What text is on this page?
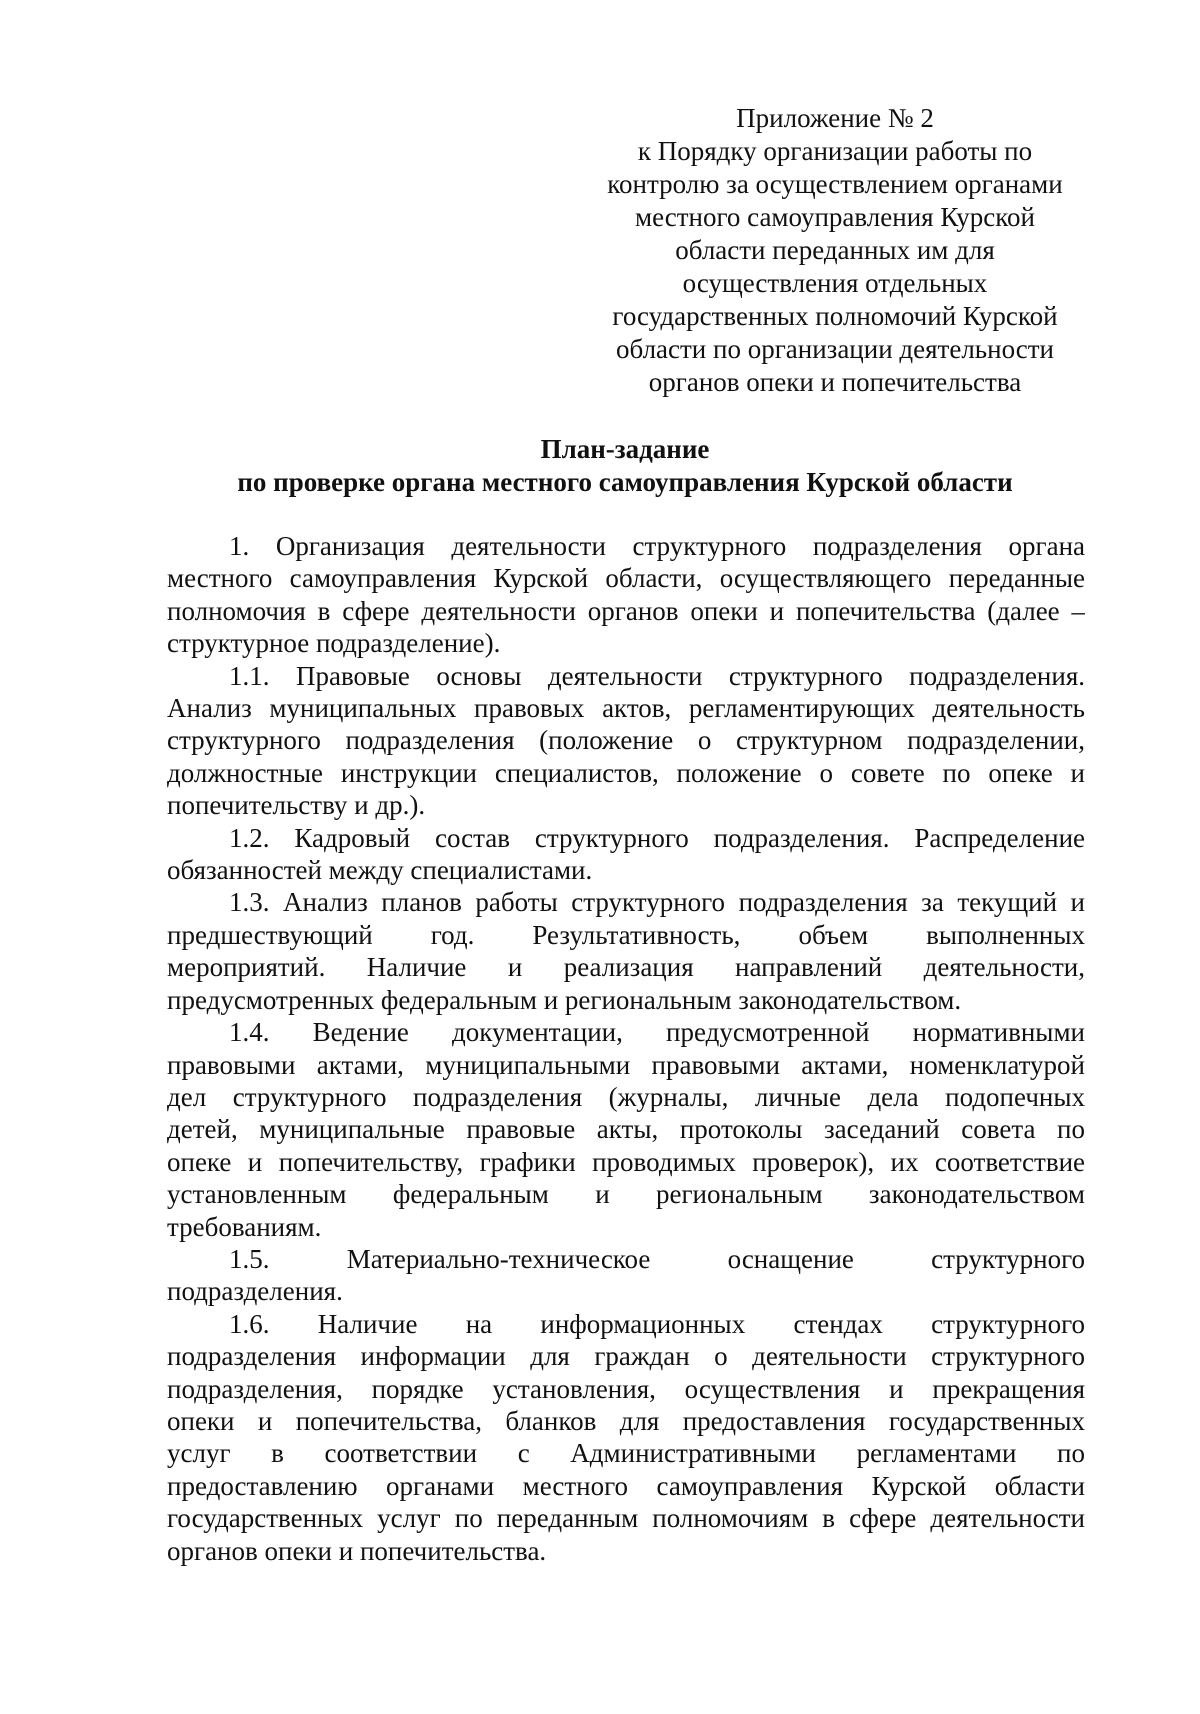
Приложение № 2
к Порядку организации работы по
контролю за осуществлением органами
местного самоуправления Курской
области переданных им для
осуществления отдельных
государственных полномочий Курской
области по организации деятельности
органов опеки и попечительства
План-задание
по проверке органа местного самоуправления Курской области
1. Организация деятельности структурного подразделения органа
местного самоуправления Курской области, осуществляющего переданные
полномочия в сфере деятельности органов опеки и попечительства (далее –
структурное подразделение).
1.1. Правовые основы деятельности структурного подразделения.
Анализ муниципальных правовых актов, регламентирующих деятельность
структурного подразделения (положение о структурном подразделении,
должностные инструкции специалистов, положение о совете по опеке и
попечительству и др.).
1.2. Кадровый состав структурного подразделения. Распределение
обязанностей между специалистами.
1.3. Анализ планов работы структурного подразделения за текущий и
предшествующий год. Результативность, объем выполненных
мероприятий. Наличие и реализация направлений деятельности,
предусмотренных федеральным и региональным законодательством.
1.4. Ведение документации, предусмотренной нормативными
правовыми актами, муниципальными правовыми актами, номенклатурой
дел структурного подразделения (журналы, личные дела подопечных
детей, муниципальные правовые акты, протоколы заседаний совета по
опеке и попечительству, графики проводимых проверок), их соответствие
установленным федеральным и региональным законодательством
требованиям.
1.5. Материально-техническое оснащение структурного
подразделения.
1.6. Наличие на информационных стендах структурного
подразделения информации для граждан о деятельности структурного
подразделения, порядке установления, осуществления и прекращения
опеки и попечительства, бланков для предоставления государственных
услуг в соответствии с Административными регламентами по
предоставлению органами местного самоуправления Курской области
государственных услуг по переданным полномочиям в сфере деятельности
органов опеки и попечительства.
